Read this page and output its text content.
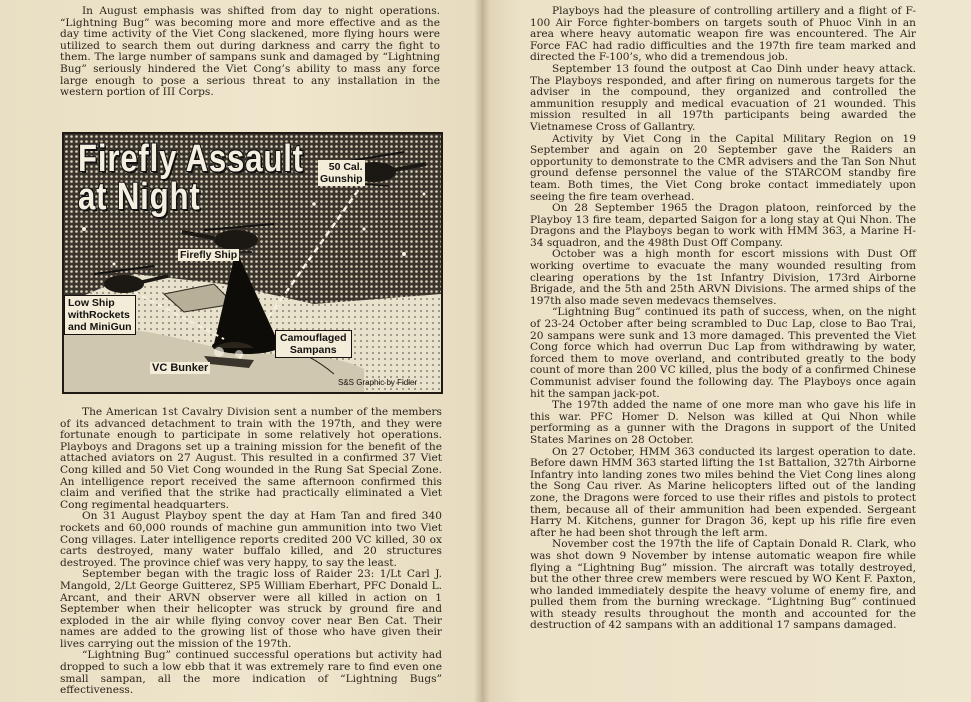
In August emphasis was shifted from day to night operations. “Lightning Bug” was becoming more and more effective and as the day time activity of the Viet Cong slackened, more flying hours were utilized to search them out during darkness and carry the fight to them. The large number of sampans sunk and damaged by “Lightning Bug” seriously hindered the Viet Cong’s ability to mass any force large enough to pose a serious threat to any installation in the western portion of III Corps.

Firefly Assault
at Night
50 Cal.
Gunship
Firefly Ship
Low Ship
withRockets
and MiniGun
Camouflaged
Sampans
VC Bunker
S&S Graphic by Fidler

The American 1st Cavalry Division sent a number of the members of its advanced detachment to train with the 197th, and they were fortunate enough to participate in some relatively hot operations. Playboys and Dragons set up a training mission for the benefit of the attached aviators on 27 August. This resulted in a confirmed 37 Viet Cong killed and 50 Viet Cong wounded in the Rung Sat Special Zone. An intelligence report received the same afternoon confirmed this claim and verified that the strike had practically eliminated a Viet Cong regimental headquarters.

On 31 August Playboy spent the day at Ham Tan and fired 340 rockets and 60,000 rounds of machine gun ammunition into two Viet Cong villages. Later intelligence reports credited 200 VC killed, 30 ox carts destroyed, many water buffalo killed, and 20 structures destroyed. The province chief was very happy, to say the least.

September began with the tragic loss of Raider 23: 1/Lt Carl J. Mangold, 2/Lt George Guitterez, SP5 William Eberhart, PFC Donald L. Arcant, and their ARVN observer were all killed in action on 1 September when their helicopter was struck by ground fire and exploded in the air while flying convoy cover near Ben Cat. Their names are added to the growing list of those who have given their lives carrying out the mission of the 197th.

“Lightning Bug” continued successful operations but activity had dropped to such a low ebb that it was extremely rare to find even one small sampan, all the more indication of “Lightning Bugs” effectiveness.

Playboys had the pleasure of controlling artillery and a flight of F-100 Air Force fighter-bombers on targets south of Phuoc Vinh in an area where heavy automatic weapon fire was encountered. The Air Force FAC had radio difficulties and the 197th fire team marked and directed the F-100’s, who did a tremendous job.

September 13 found the outpost at Cao Dinh under heavy attack. The Playboys responded, and after firing on numerous targets for the adviser in the compound, they organized and controlled the ammunition resupply and medical evacuation of 21 wounded. This mission resulted in all 197th participants being awarded the Vietnamese Cross of Gallantry.

Activity by Viet Cong in the Capital Military Region on 19 September and again on 20 September gave the Raiders an opportunity to demonstrate to the CMR advisers and the Tan Son Nhut ground defense personnel the value of the STARCOM standby fire team. Both times, the Viet Cong broke contact immediately upon seeing the fire team overhead.

On 28 September 1965 the Dragon platoon, reinforced by the Playboy 13 fire team, departed Saigon for a long stay at Qui Nhon. The Dragons and the Playboys began to work with HMM 363, a Marine H-34 squadron, and the 498th Dust Off Company.

October was a high month for escort missions with Dust Off working overtime to evacuate the many wounded resulting from clearing operations by the 1st Infantry Division, 173rd Airborne Brigade, and the 5th and 25th ARVN Divisions. The armed ships of the 197th also made seven medevacs themselves.

“Lightning Bug” continued its path of success, when, on the night of 23-24 October after being scrambled to Duc Lap, close to Bao Trai, 20 sampans were sunk and 13 more damaged. This prevented the Viet Cong force which had overrun Duc Lap from withdrawing by water, forced them to move overland, and contributed greatly to the body count of more than 200 VC killed, plus the body of a confirmed Chinese Communist adviser found the following day. The Playboys once again hit the sampan jack-pot.

The 197th added the name of one more man who gave his life in this war. PFC Homer D. Nelson was killed at Qui Nhon while performing as a gunner with the Dragons in support of the United States Marines on 28 October.

On 27 October, HMM 363 conducted its largest operation to date. Before dawn HMM 363 started lifting the 1st Battalion, 327th Airborne Infantry into landing zones two miles behind the Viet Cong lines along the Song Cau river. As Marine helicopters lifted out of the landing zone, the Dragons were forced to use their rifles and pistols to protect them, because all of their ammunition had been expended. Sergeant Harry M. Kitchens, gunner for Dragon 36, kept up his rifle fire even after he had been shot through the left arm.

November cost the 197th the life of Captain Donald R. Clark, who was shot down 9 November by intense automatic weapon fire while flying a “Lightning Bug” mission. The aircraft was totally destroyed, but the other three crew members were rescued by WO Kent F. Paxton, who landed immediately despite the heavy volume of enemy fire, and pulled them from the burning wreckage. “Lightning Bug” continued with steady results throughout the month and accounted for the destruction of 42 sampans with an additional 17 sampans damaged.
